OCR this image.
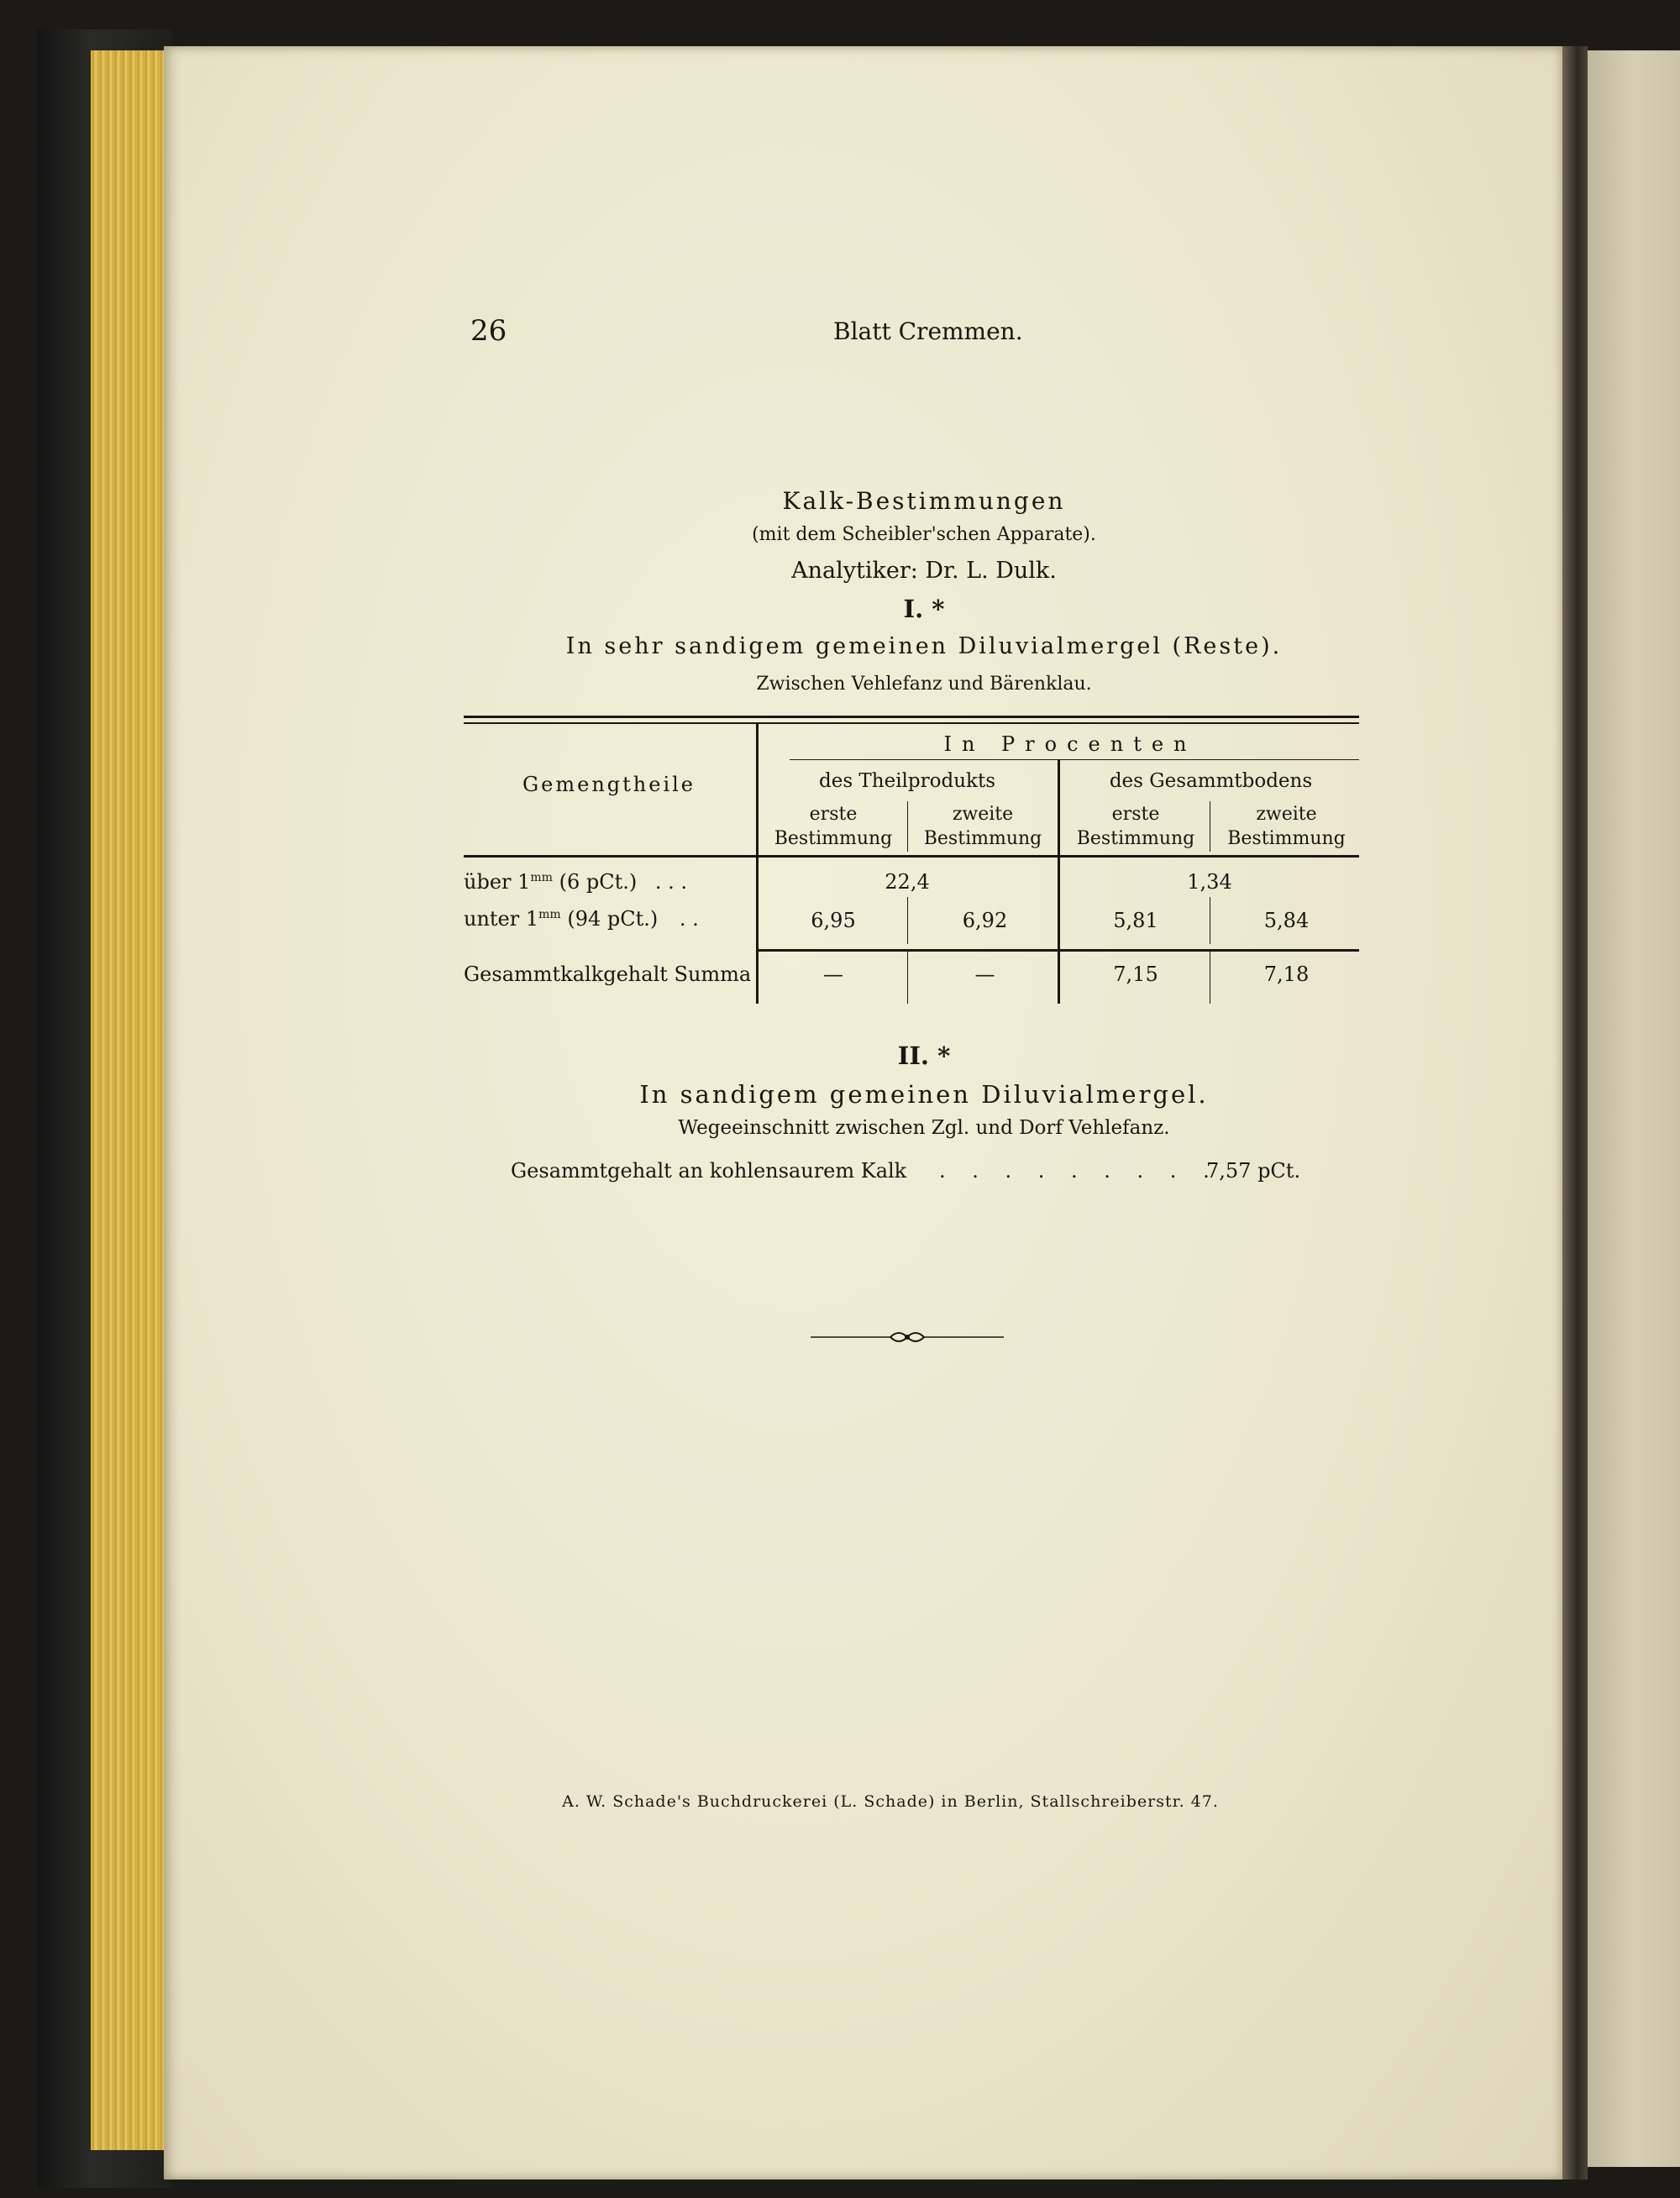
26	Blatt Cremmen.
Kalk-Bestimmungen
(mit dem Scheibler'schen Apparate).
Analytiker: Dr. L. Dulk.
I. *
In sehr sandigem gemeinen Diluvialmergel (Reste).
Zwischen Vehlefanz und Bärenklau.
Gemengtheile
In Procenten
des Theilprodukts	des Gesammtbodens
erste Bestimmung
zweite Bestimmung
erste Bestimmung
zweite Bestimmung
über $1^{mm}$ (6 pCt.) . . .	22,4	1,34
unter $1^{mm}$ (94 pCt.) . .	6,95	6,92	5,81	5,84
Gesammtkalkgehalt Summa	—	—	7,15	7,18
II. *
In sandigem gemeinen Diluvialmergel.
Wegeeinschnitt zwischen Zgl. und Dorf Vehlefanz.
Gesammtgehalt an kohlensaurem Kalk . . . . . . . . .
7,57 pCt.
A. W. Schade's Buchdruckerei (L. Schade) in Berlin, Stallschreiberstr. 47.
